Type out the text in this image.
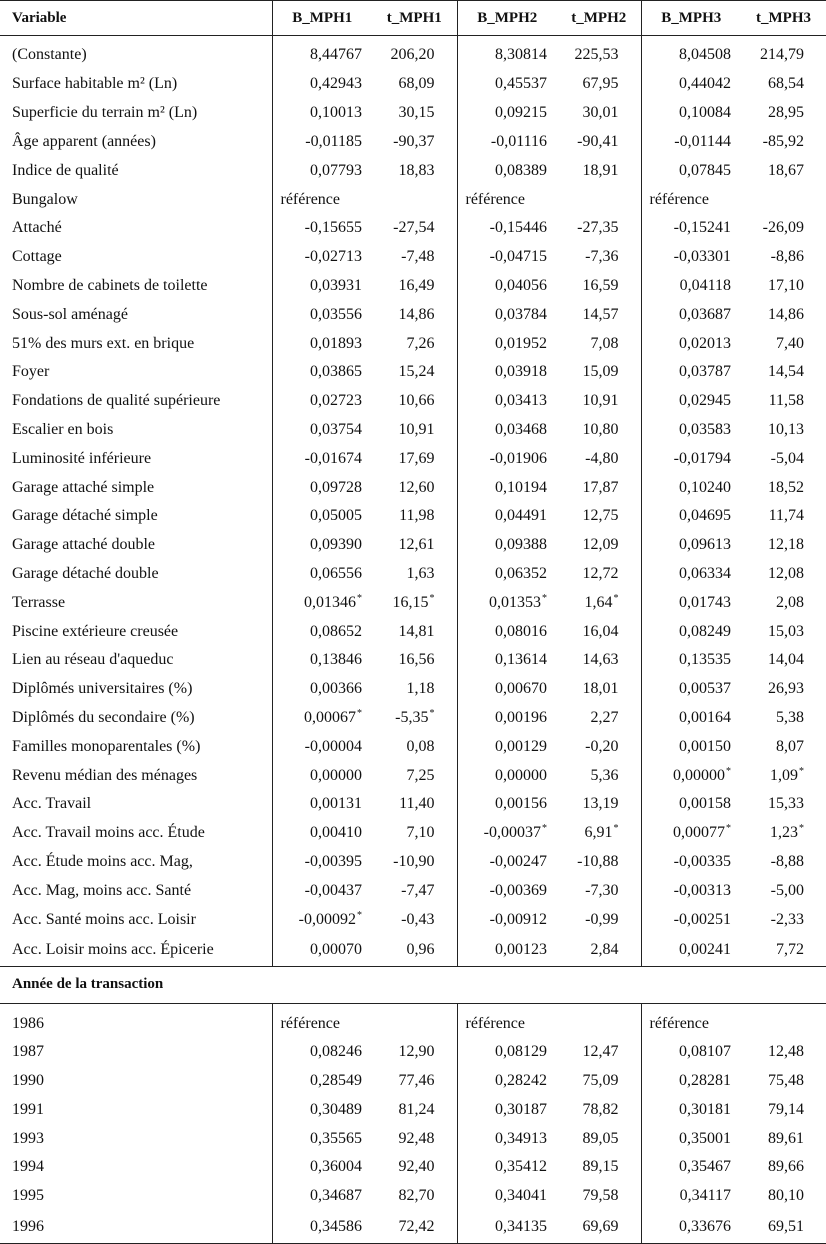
Variable	B_MPH1	t_MPH1	B_MPH2	t_MPH2	B_MPH3	t_MPH3
(Constante)	8,44767	206,20	8,30814	225,53	8,04508	214,79
Surface habitable m² (Ln)	0,42943	68,09	0,45537	67,95	0,44042	68,54
Superficie du terrain m² (Ln)	0,10013	30,15	0,09215	30,01	0,10084	28,95
Âge apparent (années)	-0,01185	-90,37	-0,01116	-90,41	-0,01144	-85,92
Indice de qualité	0,07793	18,83	0,08389	18,91	0,07845	18,67
Bungalow	référence		référence		référence	
Attaché	-0,15655	-27,54	-0,15446	-27,35	-0,15241	-26,09
Cottage	-0,02713	-7,48	-0,04715	-7,36	-0,03301	-8,86
Nombre de cabinets de toilette	0,03931	16,49	0,04056	16,59	0,04118	17,10
Sous-sol aménagé	0,03556	14,86	0,03784	14,57	0,03687	14,86
51% des murs ext. en brique	0,01893	7,26	0,01952	7,08	0,02013	7,40
Foyer	0,03865	15,24	0,03918	15,09	0,03787	14,54
Fondations de qualité supérieure	0,02723	10,66	0,03413	10,91	0,02945	11,58
Escalier en bois	0,03754	10,91	0,03468	10,80	0,03583	10,13
Luminosité inférieure	-0,01674	17,69	-0,01906	-4,80	-0,01794	-5,04
Garage attaché simple	0,09728	12,60	0,10194	17,87	0,10240	18,52
Garage détaché simple	0,05005	11,98	0,04491	12,75	0,04695	11,74
Garage attaché double	0,09390	12,61	0,09388	12,09	0,09613	12,18
Garage détaché double	0,06556	1,63	0,06352	12,72	0,06334	12,08
Terrasse	0,01346*	16,15*	0,01353*	1,64*	0,01743	2,08
Piscine extérieure creusée	0,08652	14,81	0,08016	16,04	0,08249	15,03
Lien au réseau d'aqueduc	0,13846	16,56	0,13614	14,63	0,13535	14,04
Diplômés universitaires (%)	0,00366	1,18	0,00670	18,01	0,00537	26,93
Diplômés du secondaire (%)	0,00067*	-5,35*	0,00196	2,27	0,00164	5,38
Familles monoparentales (%)	-0,00004	0,08	0,00129	-0,20	0,00150	8,07
Revenu médian des ménages	0,00000	7,25	0,00000	5,36	0,00000*	1,09*
Acc. Travail	0,00131	11,40	0,00156	13,19	0,00158	15,33
Acc. Travail moins acc. Étude	0,00410	7,10	-0,00037*	6,91*	0,00077*	1,23*
Acc. Étude moins acc. Mag,	-0,00395	-10,90	-0,00247	-10,88	-0,00335	-8,88
Acc. Mag, moins acc. Santé	-0,00437	-7,47	-0,00369	-7,30	-0,00313	-5,00
Acc. Santé moins acc. Loisir	-0,00092*	-0,43	-0,00912	-0,99	-0,00251	-2,33
Acc. Loisir moins acc. Épicerie	0,00070	0,96	0,00123	2,84	0,00241	7,72
Année de la transaction						
1986	référence		référence		référence	
1987	0,08246	12,90	0,08129	12,47	0,08107	12,48
1990	0,28549	77,46	0,28242	75,09	0,28281	75,48
1991	0,30489	81,24	0,30187	78,82	0,30181	79,14
1993	0,35565	92,48	0,34913	89,05	0,35001	89,61
1994	0,36004	92,40	0,35412	89,15	0,35467	89,66
1995	0,34687	82,70	0,34041	79,58	0,34117	80,10
1996	0,34586	72,42	0,34135	69,69	0,33676	69,51
